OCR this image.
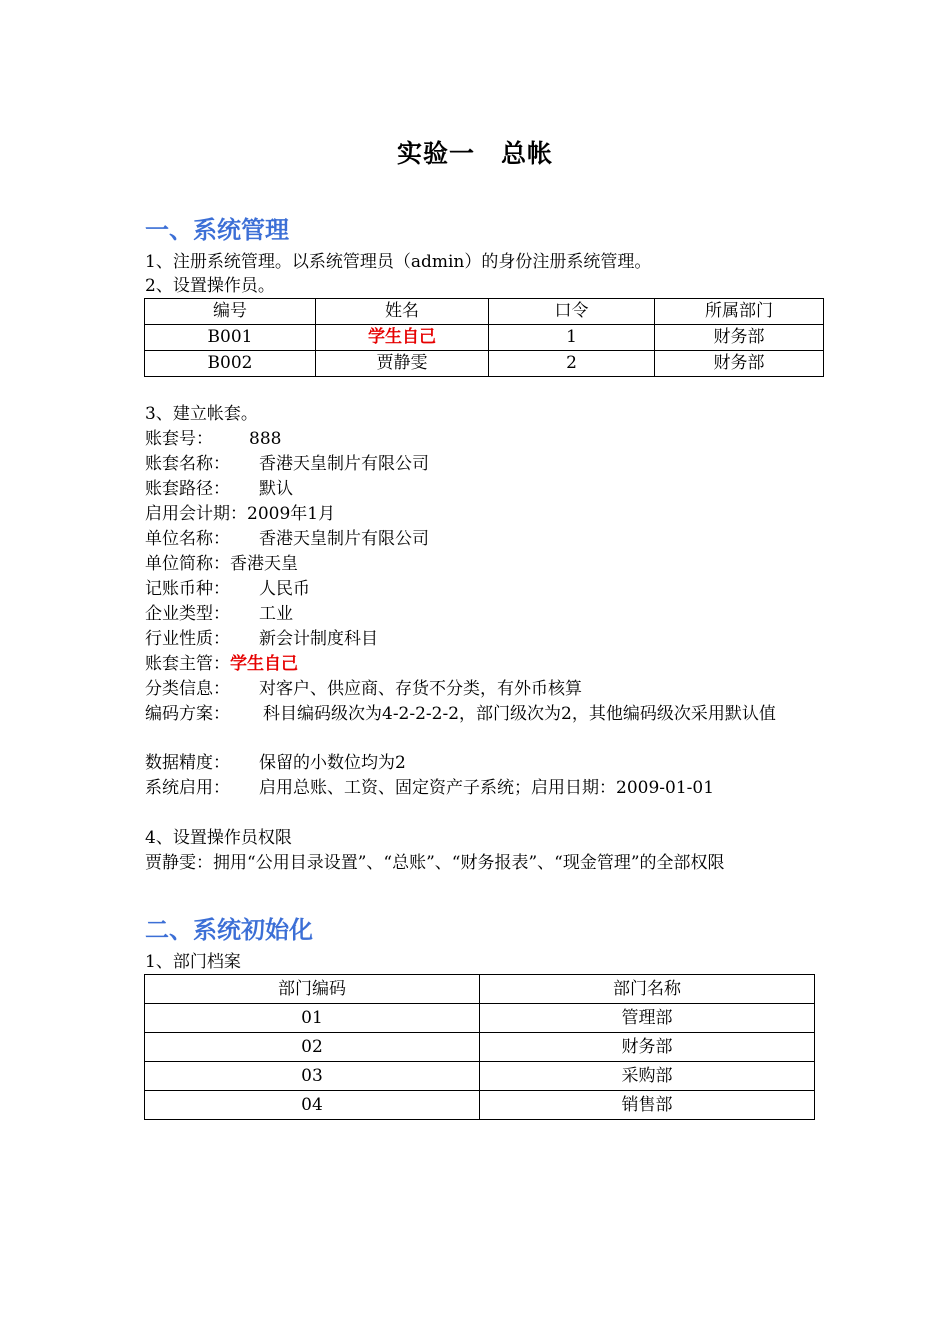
实验一　总帐
一、系统管理
1、注册系统管理。以系统管理员（admin）的身份注册系统管理。
2、设置操作员。
编号	姓名	口令	所属部门
B001	学生自己	1	财务部
B002	贾静雯	2	财务部
3、建立帐套。
账套号： 888
账套名称： 香港天皇制片有限公司
账套路径： 默认
启用会计期：2009年1月
单位名称： 香港天皇制片有限公司
单位简称：香港天皇
记账币种： 人民币
企业类型： 工业
行业性质： 新会计制度科目
账套主管：学生自己
分类信息： 对客户、供应商、存货不分类，有外币核算
编码方案： 科目编码级次为4-2-2-2-2，部门级次为2，其他编码级次采用默认值
数据精度： 保留的小数位均为2
系统启用： 启用总账、工资、固定资产子系统；启用日期：2009-01-01
4、设置操作员权限
贾静雯：拥用“公用目录设置”、“总账”、“财务报表”、“现金管理”的全部权限
二、系统初始化
1、部门档案
部门编码	部门名称
01	管理部
02	财务部
03	采购部
04	销售部
